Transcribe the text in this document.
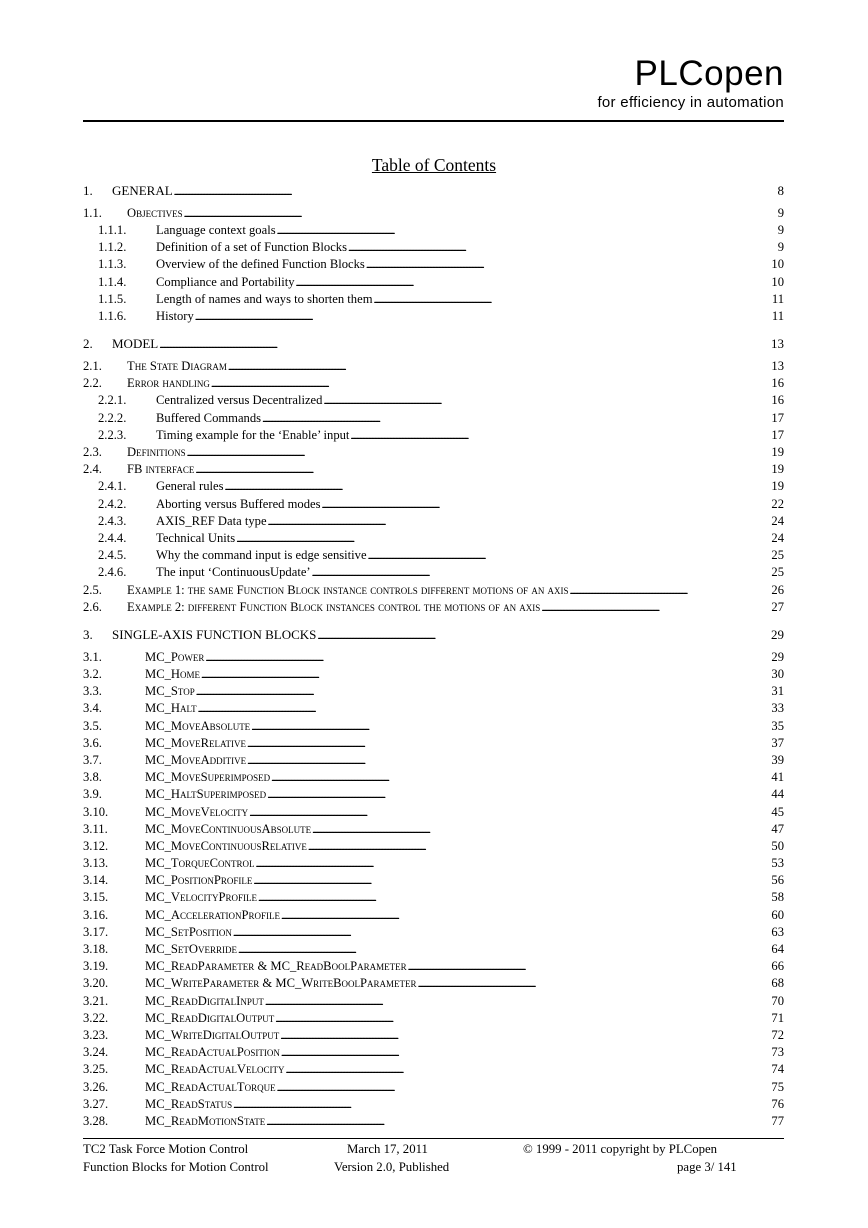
PLCopen
for efficiency in automation
Table of Contents
1. GENERAL . . .	8
1.1. Objectives . . .	9
1.1.1. Language context goals . . .	9
1.1.2. Definition of a set of Function Blocks . . .	9
1.1.3. Overview of the defined Function Blocks . . .	10
1.1.4. Compliance and Portability . . .	10
1.1.5. Length of names and ways to shorten them . . .	11
1.1.6. History . . .	11
2. MODEL . . .	13
2.1. The State Diagram . . .	13
2.2. Error handling . . .	16
2.2.1. Centralized versus Decentralized . . .	16
2.2.2. Buffered Commands . . .	17
2.2.3. Timing example for the ‘Enable’ input . . .	17
2.3. Definitions . . .	19
2.4. FB interface . . .	19
2.4.1. General rules . . .	19
2.4.2. Aborting versus Buffered modes . . .	22
2.4.3. AXIS_REF Data type . . .	24
2.4.4. Technical Units . . .	24
2.4.5. Why the command input is edge sensitive . . .	25
2.4.6. The input ‘ContinuousUpdate’ . . .	25
2.5. Example 1: the same Function Block instance controls different motions of an axis . . .	26
2.6. Example 2: different Function Block instances control the motions of an axis . . .	27
3. SINGLE-AXIS FUNCTION BLOCKS . . .	29
3.1.	MC_Power . . .	29
3.2.	MC_Home . . .	30
3.3.	MC_Stop . . .	31
3.4.	MC_Halt . . .	33
3.5.	MC_MoveAbsolute . . .	35
3.6.	MC_MoveRelative . . .	37
3.7.	MC_MoveAdditive . . .	39
3.8.	MC_MoveSuperimposed . . .	41
3.9.	MC_HaltSuperimposed . . .	44
3.10.	MC_MoveVelocity . . .	45
3.11.	MC_MoveContinuousAbsolute . . .	47
3.12.	MC_MoveContinuousRelative . . .	50
3.13.	MC_TorqueControl . . .	53
3.14.	MC_PositionProfile . . .	56
3.15.	MC_VelocityProfile . . .	58
3.16.	MC_AccelerationProfile . . .	60
3.17.	MC_SetPosition . . .	63
3.18.	MC_SetOverride . . .	64
3.19.	MC_ReadParameter & MC_ReadBoolParameter . . .	66
3.20.	MC_WriteParameter & MC_WriteBoolParameter . . .	68
3.21.	MC_ReadDigitalInput . . .	70
3.22.	MC_ReadDigitalOutput . . .	71
3.23.	MC_WriteDigitalOutput . . .	72
3.24.	MC_ReadActualPosition . . .	73
3.25.	MC_ReadActualVelocity . . .	74
3.26.	MC_ReadActualTorque . . .	75
3.27.	MC_ReadStatus . . .	76
3.28.	MC_ReadMotionState . . .	77
TC2 Task Force Motion Control
Function Blocks for Motion Control
March 17, 2011
Version 2.0, Published
© 1999 - 2011 copyright by PLCopen
page 3/ 141
